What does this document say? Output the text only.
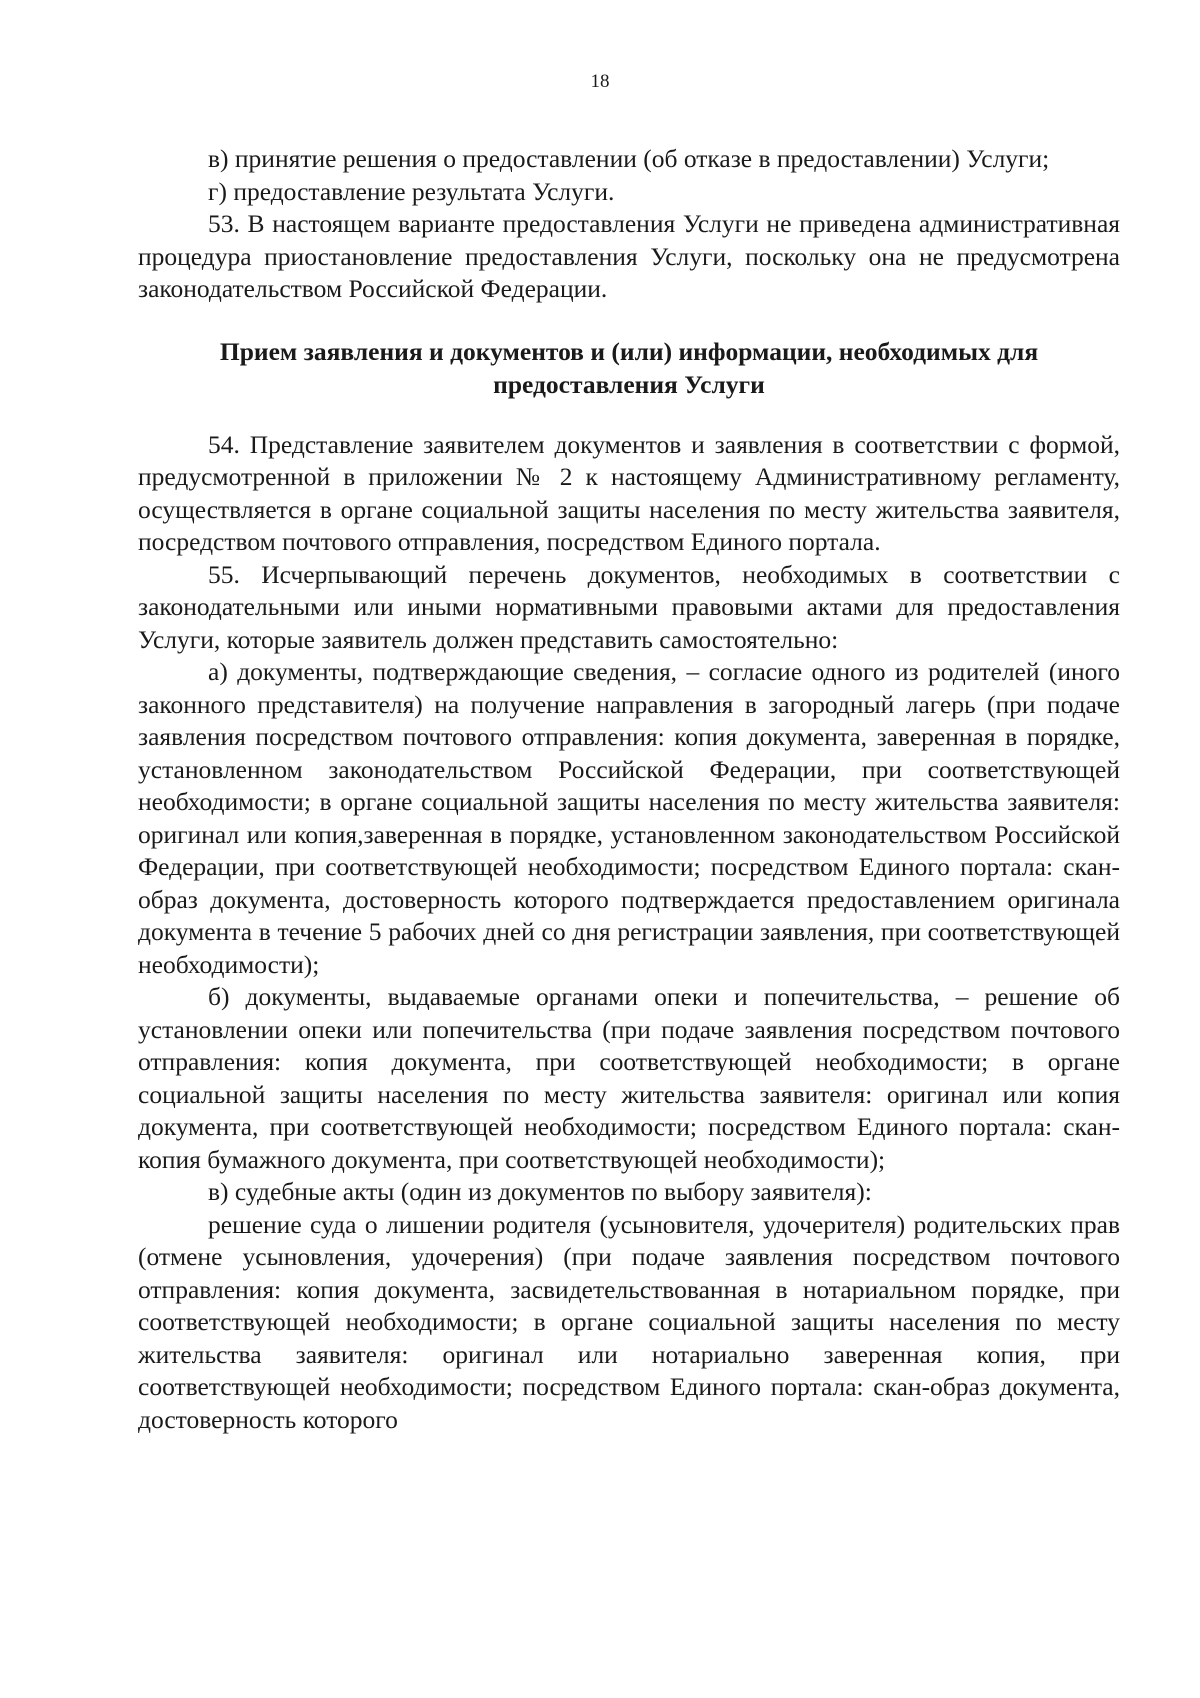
18

в) принятие решения о предоставлении (об отказе в предоставлении) Услуги;

г) предоставление результата Услуги.

53. В настоящем варианте предоставления Услуги не приведена административная процедура приостановление предоставления Услуги, поскольку она не предусмотрена законодательством Российской Федерации.

Прием заявления и документов и (или) информации, необходимых для
предоставления Услуги

54. Представление заявителем документов и заявления в соответствии с формой, предусмотренной в приложении № 2 к настоящему Административному регламенту, осуществляется в органе социальной защиты населения по месту жительства заявителя, посредством почтового отправления, посредством Единого портала.

55. Исчерпывающий перечень документов, необходимых в соответствии с законодательными или иными нормативными правовыми актами для предоставления Услуги, которые заявитель должен представить самостоятельно:

а) документы, подтверждающие сведения, – согласие одного из родителей (иного законного представителя) на получение направления в загородный лагерь (при подаче заявления посредством почтового отправления: копия документа, заверенная в порядке, установленном законодательством Российской Федерации, при соответствующей необходимости; в органе социальной защиты населения по месту жительства заявителя: оригинал или копия,заверенная в порядке, установленном законодательством Российской Федерации, при соответствующей необходимости; посредством Единого портала: скан-образ документа, достоверность которого подтверждается предоставлением оригинала документа в течение 5 рабочих дней со дня регистрации заявления, при соответствующей необходимости);

б) документы, выдаваемые органами опеки и попечительства, – решение об установлении опеки или попечительства (при подаче заявления посредством почтового отправления: копия документа, при соответствующей необходимости; в органе социальной защиты населения по месту жительства заявителя: оригинал или копия документа, при соответствующей необходимости; посредством Единого портала: скан-копия бумажного документа, при соответствующей необходимости);

в) судебные акты (один из документов по выбору заявителя):

решение суда о лишении родителя (усыновителя, удочерителя) родительских прав (отмене усыновления, удочерения) (при подаче заявления посредством почтового отправления: копия документа, засвидетельствованная в нотариальном порядке, при соответствующей необходимости; в органе социальной защиты населения по месту жительства заявителя: оригинал или нотариально заверенная копия, при соответствующей необходимости; посредством Единого портала: скан-образ документа, достоверность которого
